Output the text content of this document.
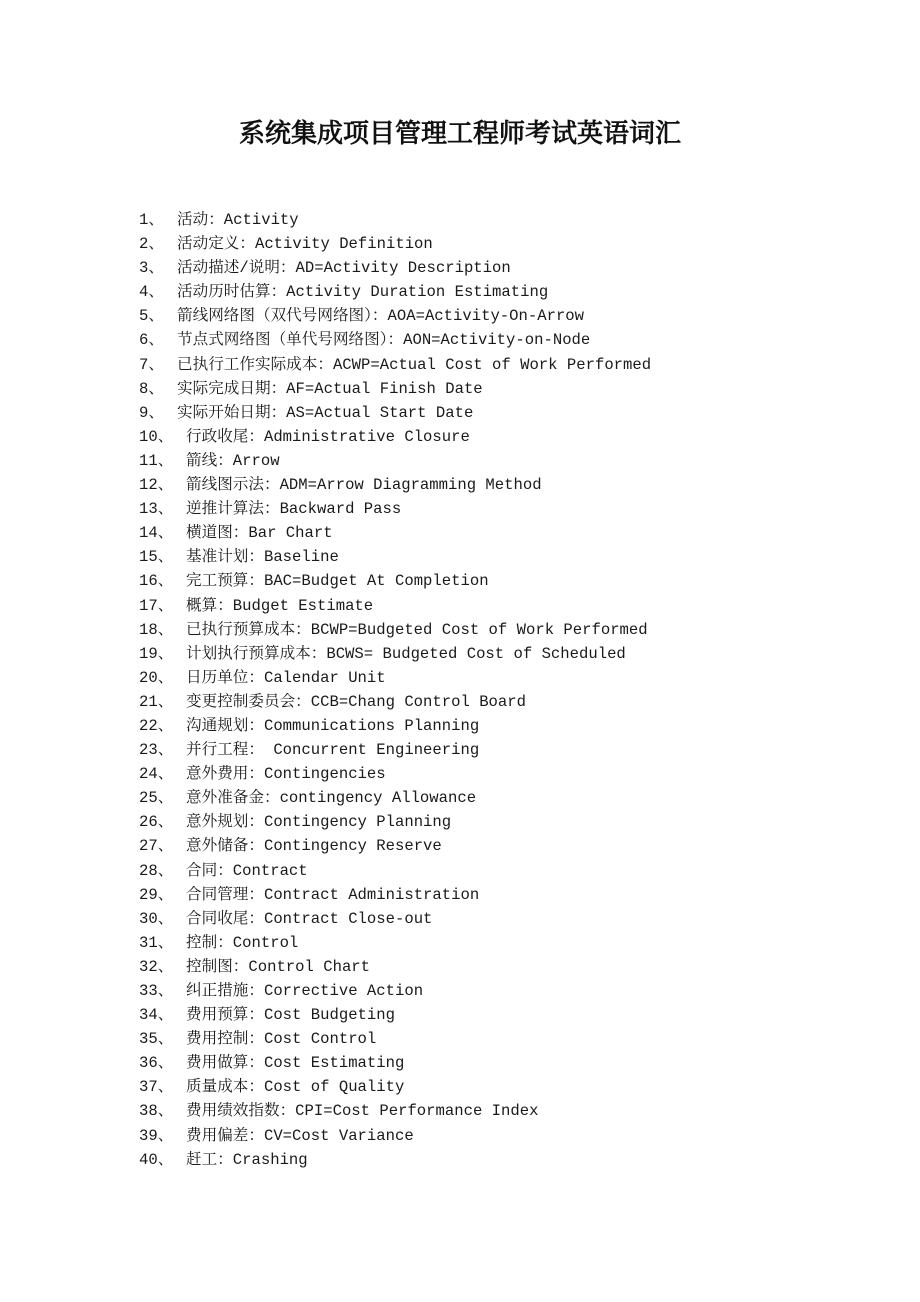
系统集成项目管理工程师考试英语词汇
1、 活动：Activity
2、 活动定义：Activity Definition
3、 活动描述/说明：AD=Activity Description
4、 活动历时估算：Activity Duration Estimating
5、 箭线网络图（双代号网络图）：AOA=Activity-On-Arrow
6、 节点式网络图（单代号网络图）：AON=Activity-on-Node
7、 已执行工作实际成本：ACWP=Actual Cost of Work Performed
8、 实际完成日期：AF=Actual Finish Date
9、 实际开始日期：AS=Actual Start Date
10、 行政收尾：Administrative Closure
11、 箭线：Arrow
12、 箭线图示法：ADM=Arrow Diagramming Method
13、 逆推计算法：Backward Pass
14、 横道图：Bar Chart
15、 基准计划：Baseline
16、 完工预算：BAC=Budget At Completion
17、 概算：Budget Estimate
18、 已执行预算成本：BCWP=Budgeted Cost of Work Performed
19、 计划执行预算成本：BCWS= Budgeted Cost of Scheduled
20、 日历单位：Calendar Unit
21、 变更控制委员会：CCB=Chang Control Board
22、 沟通规划：Communications Planning
23、 并行工程： Concurrent Engineering
24、 意外费用：Contingencies
25、 意外准备金：contingency Allowance
26、 意外规划：Contingency Planning
27、 意外储备：Contingency Reserve
28、 合同：Contract
29、 合同管理：Contract Administration
30、 合同收尾：Contract Close-out
31、 控制：Control
32、 控制图：Control Chart
33、 纠正措施：Corrective Action
34、 费用预算：Cost Budgeting
35、 费用控制：Cost Control
36、 费用做算：Cost Estimating
37、 质量成本：Cost of Quality
38、 费用绩效指数：CPI=Cost Performance Index
39、 费用偏差：CV=Cost Variance
40、 赶工：Crashing
